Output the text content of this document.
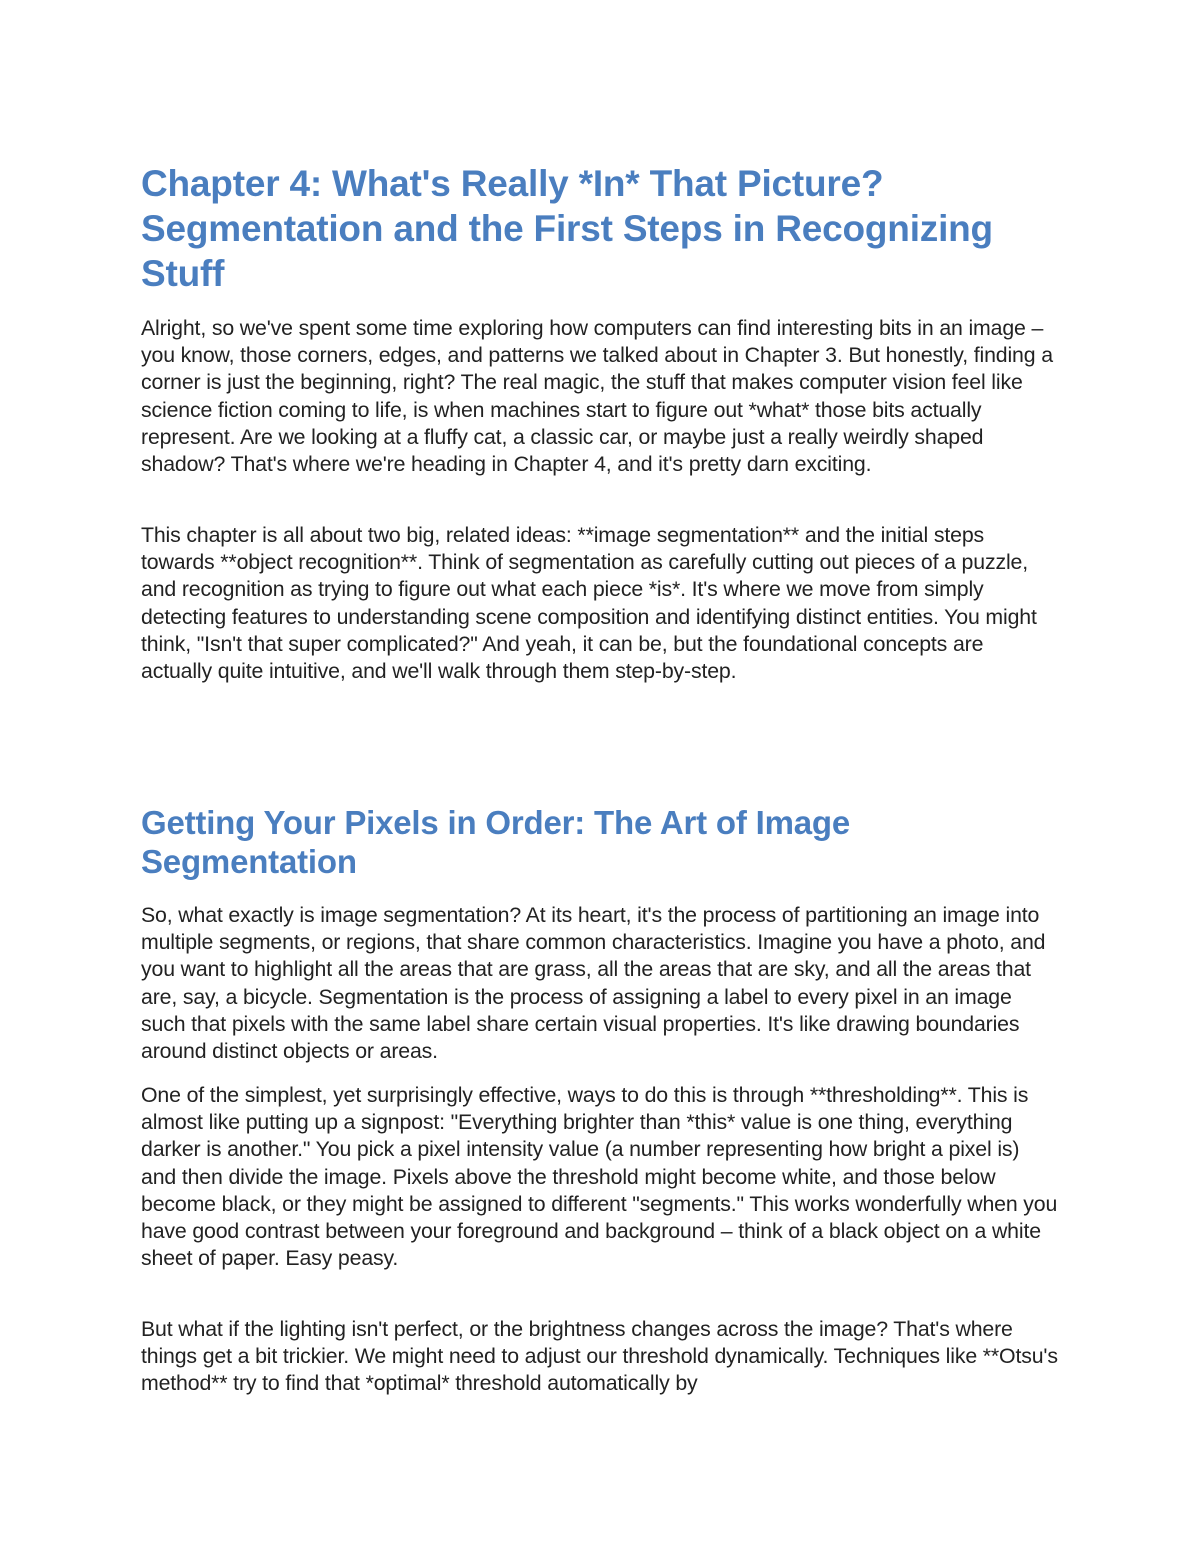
Chapter 4: What's Really *In* That Picture? Segmentation and the First Steps in Recognizing Stuff

Alright, so we've spent some time exploring how computers can find interesting bits in an image – you know, those corners, edges, and patterns we talked about in Chapter 3. But honestly, finding a corner is just the beginning, right? The real magic, the stuff that makes computer vision feel like science fiction coming to life, is when machines start to figure out *what* those bits actually represent. Are we looking at a fluffy cat, a classic car, or maybe just a really weirdly shaped shadow? That's where we're heading in Chapter 4, and it's pretty darn exciting.

This chapter is all about two big, related ideas: **image segmentation** and the initial steps towards **object recognition**. Think of segmentation as carefully cutting out pieces of a puzzle, and recognition as trying to figure out what each piece *is*. It's where we move from simply detecting features to understanding scene composition and identifying distinct entities. You might think, "Isn't that super complicated?" And yeah, it can be, but the foundational concepts are actually quite intuitive, and we'll walk through them step-by-step.

Getting Your Pixels in Order: The Art of Image Segmentation

So, what exactly is image segmentation? At its heart, it's the process of partitioning an image into multiple segments, or regions, that share common characteristics. Imagine you have a photo, and you want to highlight all the areas that are grass, all the areas that are sky, and all the areas that are, say, a bicycle. Segmentation is the process of assigning a label to every pixel in an image such that pixels with the same label share certain visual properties. It's like drawing boundaries around distinct objects or areas.

One of the simplest, yet surprisingly effective, ways to do this is through **thresholding**. This is almost like putting up a signpost: "Everything brighter than *this* value is one thing, everything darker is another." You pick a pixel intensity value (a number representing how bright a pixel is) and then divide the image. Pixels above the threshold might become white, and those below become black, or they might be assigned to different "segments." This works wonderfully when you have good contrast between your foreground and background – think of a black object on a white sheet of paper. Easy peasy.

But what if the lighting isn't perfect, or the brightness changes across the image? That's where things get a bit trickier. We might need to adjust our threshold dynamically. Techniques like **Otsu's method** try to find that *optimal* threshold automatically by
